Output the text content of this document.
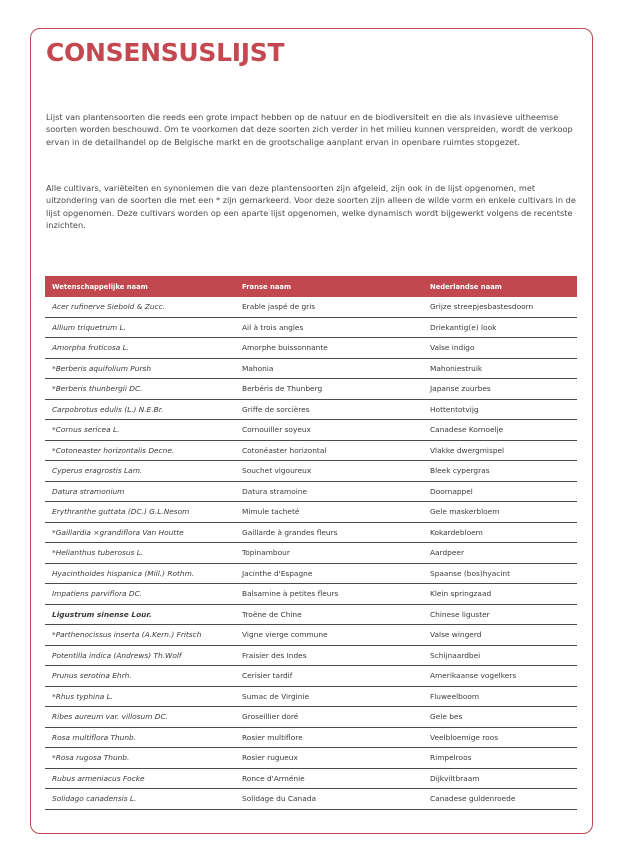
CONSENSUSLIJST

Lijst van plantensoorten die reeds een grote impact hebben op de natuur en de biodiversiteit en die als invasieve uitheemse soorten worden beschouwd. Om te voorkomen dat deze soorten zich verder in het milieu kunnen verspreiden, wordt de verkoop ervan in de detailhandel op de Belgische markt en de grootschalige aanplant ervan in openbare ruimtes stopgezet.

Alle cultivars, variëteiten en synoniemen die van deze plantensoorten zijn afgeleid, zijn ook in de lijst opgenomen, met uitzondering van de soorten die met een * zijn gemarkeerd. Voor deze soorten zijn alleen de wilde vorm en enkele cultivars in de lijst opgenomen. Deze cultivars worden op een aparte lijst opgenomen, welke dynamisch wordt bijgewerkt volgens de recentste inzichten.

Wetenschappelijke naam	Franse naam	Nederlandse naam
Acer rufinerve Siebold & Zucc.	Erable jaspé de gris	Grijze streepjesbastesdoorn
Allium triquetrum L.	Ail à trois angles	Driekantig(e) look
Amorpha fruticosa L.	Amorphe buissonnante	Valse indigo
*Berberis aquifolium Pursh	Mahonia	Mahoniestruik
*Berberis thunbergii DC.	Berbéris de Thunberg	Japanse zuurbes
Carpobrotus edulis (L.) N.E.Br.	Griffe de sorcières	Hottentotvijg
*Cornus sericea L.	Cornouiller soyeux	Canadese Kornoelje
*Cotoneaster horizontalis Decne.	Cotonéaster horizontal	Vlakke dwergmispel
Cyperus eragrostis Lam.	Souchet vigoureux	Bleek cypergras
Datura stramonium	Datura stramoine	Doornappel
Erythranthe guttata (DC.) G.L.Nesom	Mimule tacheté	Gele maskerbloem
*Gaillardia ×grandiflora Van Houtte	Gaillarde à grandes fleurs	Kokardebloem
*Helianthus tuberosus L.	Topinambour	Aardpeer
Hyacinthoides hispanica (Mill.) Rothm.	Jacinthe d'Espagne	Spaanse (bos)hyacint
Impatiens parviflora DC.	Balsamine à petites fleurs	Klein springzaad
Ligustrum sinense Lour.	Troëne de Chine	Chinese liguster
*Parthenocissus inserta (A.Kern.) Fritsch	Vigne vierge commune	Valse wingerd
Potentilla indica (Andrews) Th.Wolf	Fraisier des Indes	Schijnaardbei
Prunus serotina Ehrh.	Cerisier tardif	Amerikaanse vogelkers
*Rhus typhina L.	Sumac de Virginie	Fluweelboom
Ribes aureum var. villosum DC.	Groseillier doré	Gele bes
Rosa multiflora Thunb.	Rosier multiflore	Veelbloemige roos
*Rosa rugosa Thunb.	Rosier rugueux	Rimpelroos
Rubus armeniacus Focke	Ronce d'Arménie	Dijkviltbraam
Solidago canadensis L.	Solidage du Canada	Canadese guldenroede
